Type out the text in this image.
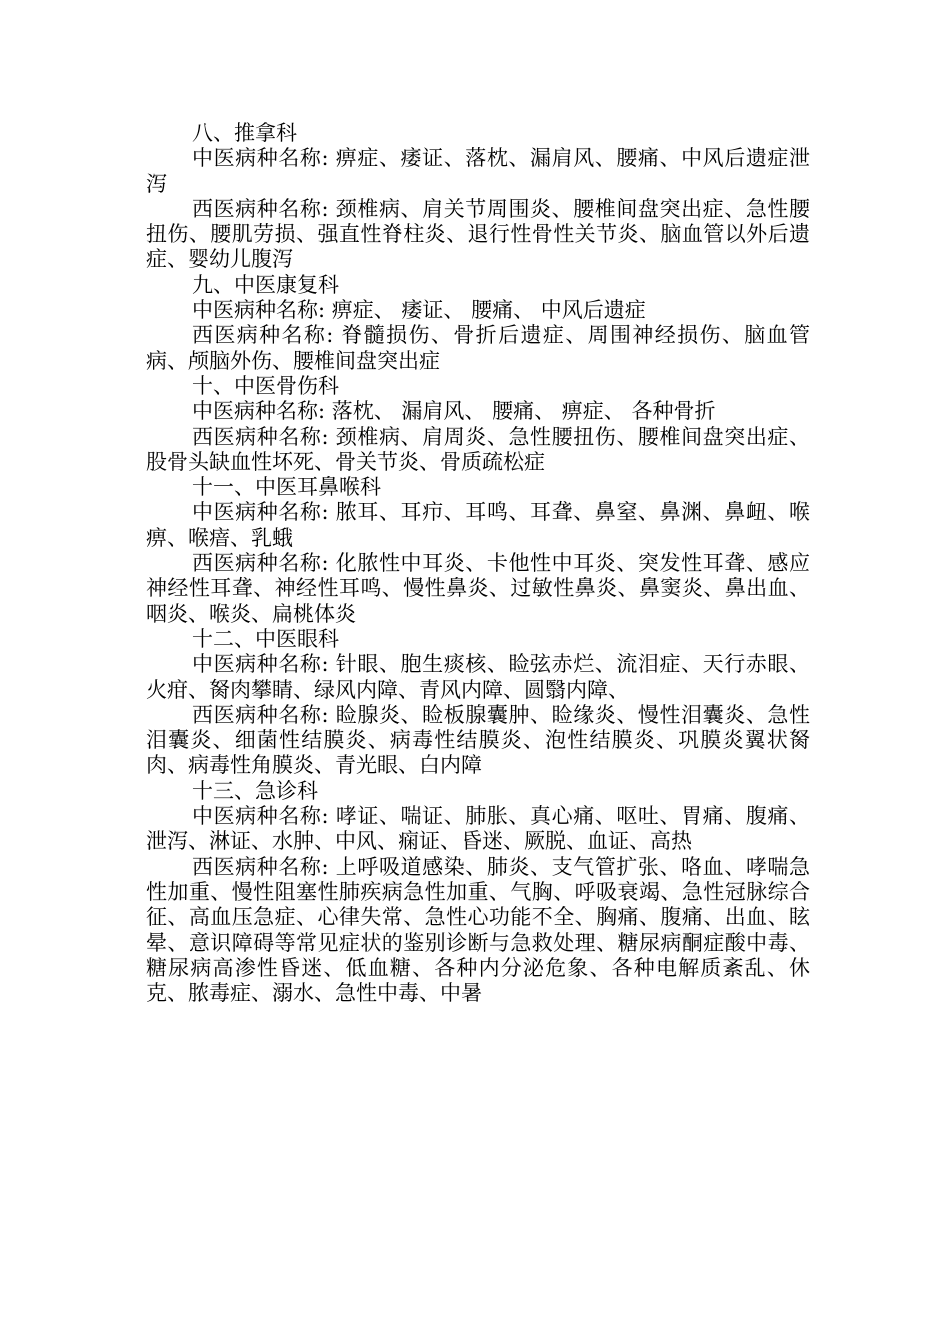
八、推拿科

中医病种名称: 痹症、痿证、落枕、漏肩风、腰痛、中风后遗症泄泻

西医病种名称: 颈椎病、肩关节周围炎、腰椎间盘突出症、急性腰扭伤、腰肌劳损、强直性脊柱炎、退行性骨性关节炎、脑血管以外后遗症、婴幼儿腹泻

九、中医康复科

中医病种名称: 痹症、 痿证、 腰痛、 中风后遗症

西医病种名称: 脊髓损伤、骨折后遗症、周围神经损伤、脑血管病、颅脑外伤、腰椎间盘突出症

十、中医骨伤科

中医病种名称: 落枕、 漏肩风、 腰痛、 痹症、 各种骨折

西医病种名称: 颈椎病、肩周炎、急性腰扭伤、腰椎间盘突出症、股骨头缺血性坏死、骨关节炎、骨质疏松症

十一、中医耳鼻喉科

中医病种名称: 脓耳、耳疖、耳鸣、耳聋、鼻窒、鼻渊、鼻衄、喉痹、喉瘖、乳蛾

西医病种名称: 化脓性中耳炎、卡他性中耳炎、突发性耳聋、感应神经性耳聋、神经性耳鸣、慢性鼻炎、过敏性鼻炎、鼻窦炎、鼻出血、咽炎、喉炎、扁桃体炎

十二、中医眼科

中医病种名称: 针眼、胞生痰核、睑弦赤烂、流泪症、天行赤眼、火疳、胬肉攀睛、绿风内障、青风内障、圆翳内障、

西医病种名称: 睑腺炎、睑板腺囊肿、睑缘炎、慢性泪囊炎、急性泪囊炎、细菌性结膜炎、病毒性结膜炎、泡性结膜炎、巩膜炎翼状胬肉、病毒性角膜炎、青光眼、白内障

十三、急诊科

中医病种名称: 哮证、喘证、肺胀、真心痛、呕吐、胃痛、腹痛、泄泻、淋证、水肿、中风、痫证、昏迷、厥脱、血证、高热

西医病种名称: 上呼吸道感染、肺炎、支气管扩张、咯血、哮喘急性加重、慢性阻塞性肺疾病急性加重、气胸、呼吸衰竭、急性冠脉综合征、高血压急症、心律失常、急性心功能不全、胸痛、腹痛、出血、眩晕、意识障碍等常见症状的鉴别诊断与急救处理、糖尿病酮症酸中毒、糖尿病高渗性昏迷、低血糖、各种内分泌危象、各种电解质紊乱、休克、脓毒症、溺水、急性中毒、中暑
